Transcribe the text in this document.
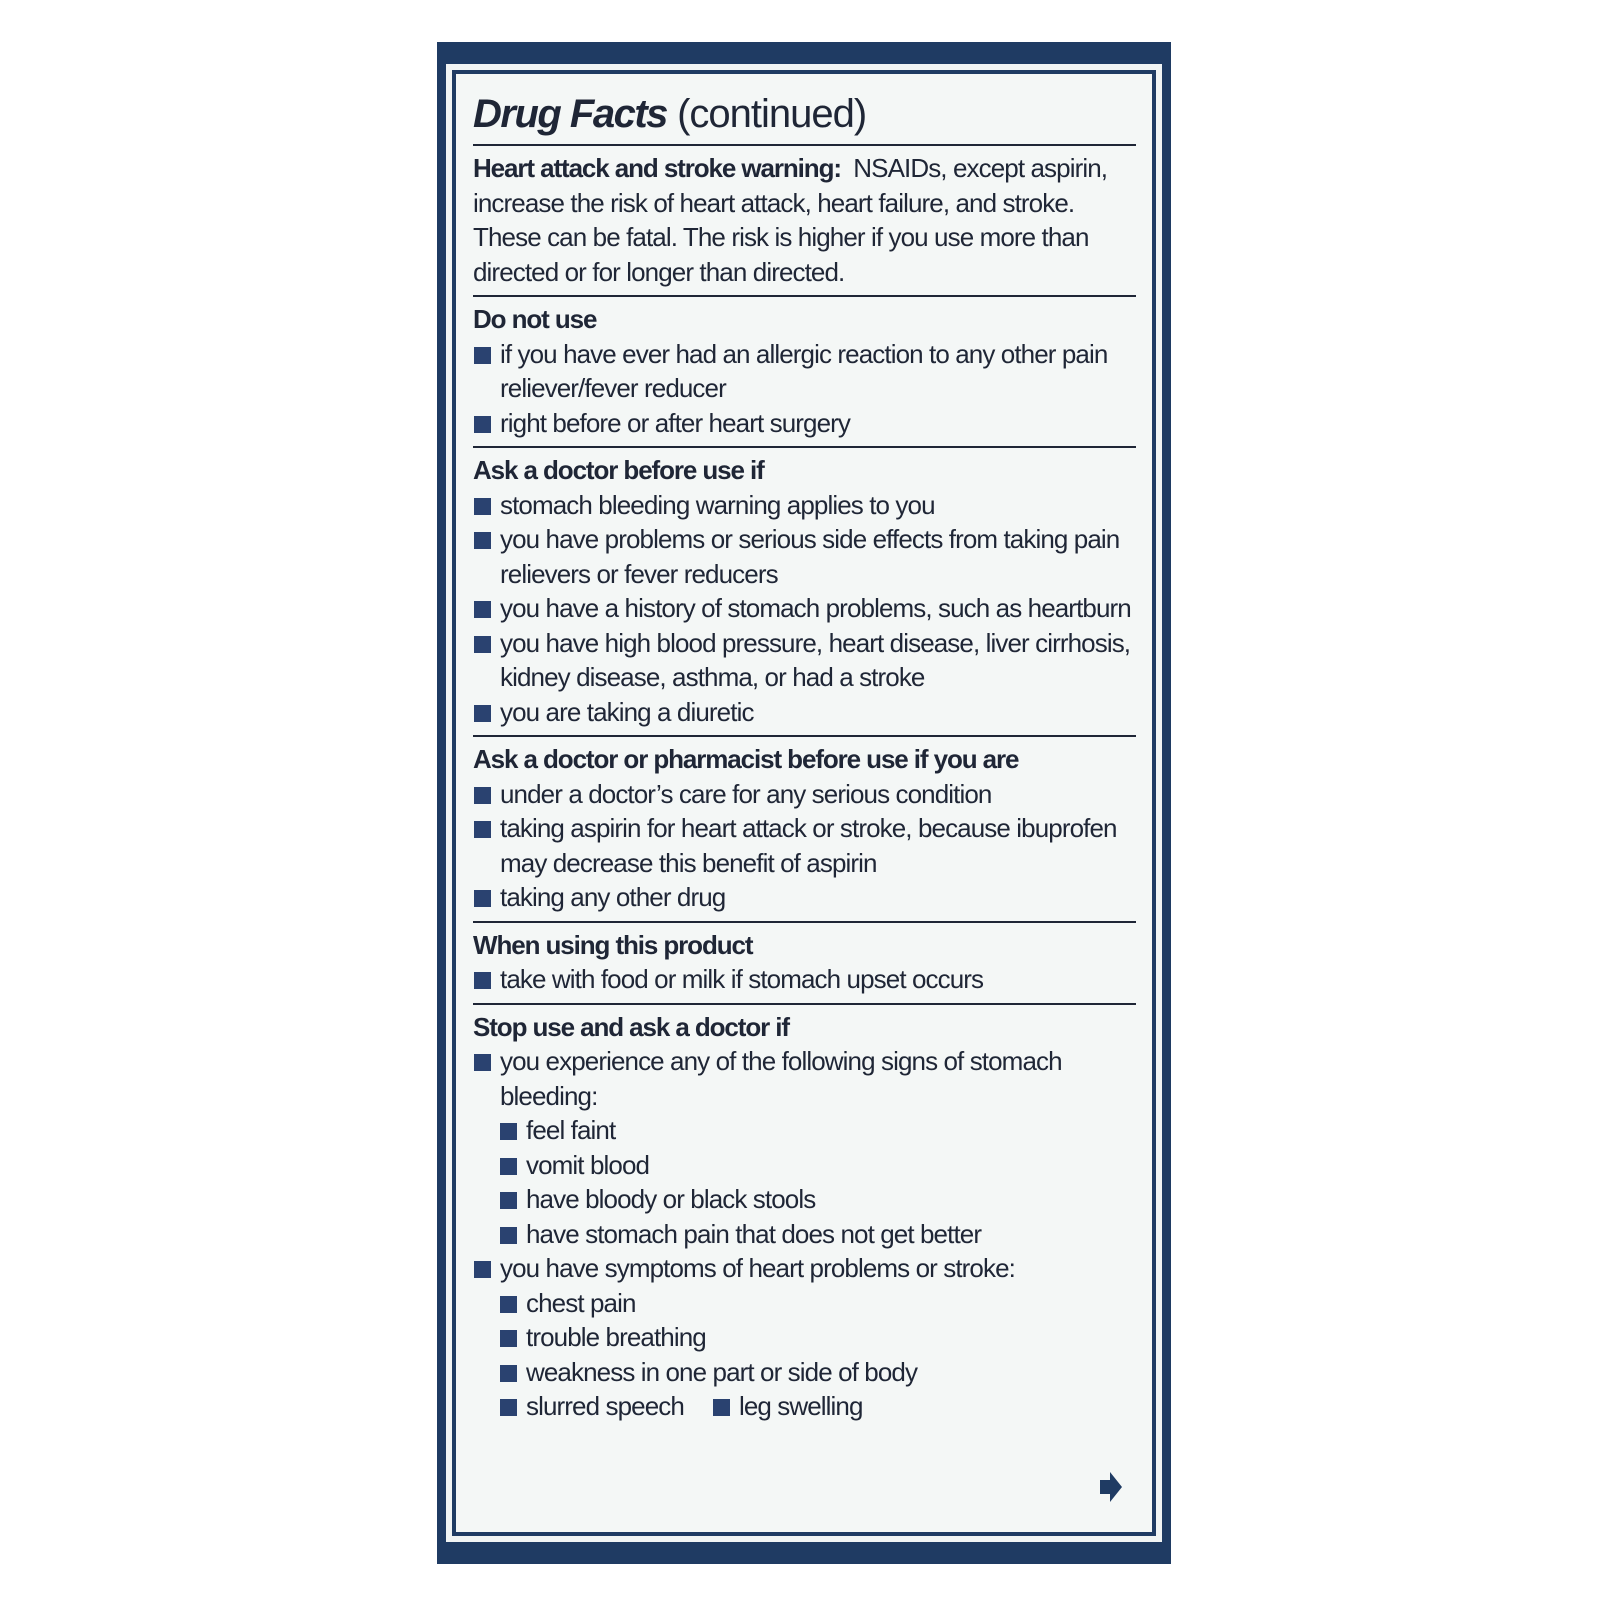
Drug Facts (continued)

Heart attack and stroke warning: NSAIDs, except aspirin, increase the risk of heart attack, heart failure, and stroke. These can be fatal. The risk is higher if you use more than directed or for longer than directed.

Do not use
if you have ever had an allergic reaction to any other pain reliever/fever reducer
right before or after heart surgery
Ask a doctor before use if
stomach bleeding warning applies to you
you have problems or serious side effects from taking pain relievers or fever reducers
you have a history of stomach problems, such as heartburn
you have high blood pressure, heart disease, liver cirrhosis, kidney disease, asthma, or had a stroke
you are taking a diuretic
Ask a doctor or pharmacist before use if you are
under a doctor’s care for any serious condition
taking aspirin for heart attack or stroke, because ibuprofen may decrease this benefit of aspirin
taking any other drug
When using this product
take with food or milk if stomach upset occurs
Stop use and ask a doctor if
you experience any of the following signs of stomach bleeding:
feel faint
vomit blood
have bloody or black stools
have stomach pain that does not get better
you have symptoms of heart problems or stroke:
chest pain
trouble breathing
weakness in one part or side of body
slurred speech leg swelling
